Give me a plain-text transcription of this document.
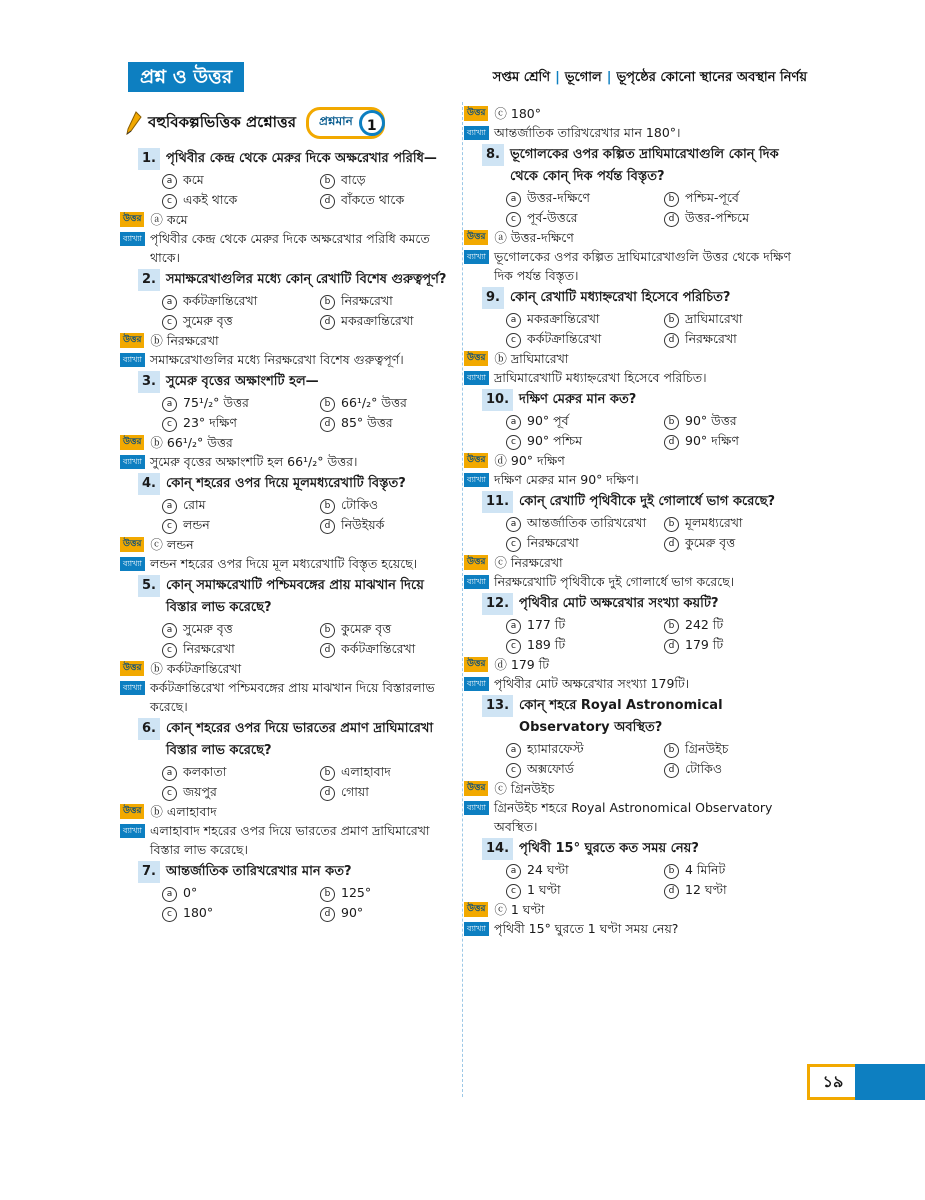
প্রশ্ন ও উত্তর	সপ্তম শ্রেণি | ভূগোল | ভূপৃষ্ঠের কোনো স্থানের অবস্থান নির্ণয়
বহুবিকল্পভিত্তিক প্রশ্নোত্তর প্রশ্নমান	1
1. পৃথিবীর কেন্দ্র থেকে মেরুর দিকে অক্ষরেখার পরিধি—
a কমে	b বাড়ে
c একই থাকে	d বাঁকতে থাকে
উত্তর ⓐ কমে
ব্যাখ্যা পৃথিবীর কেন্দ্র থেকে মেরুর দিকে অক্ষরেখার পরিধি কমতে থাকে।
2. সমাক্ষরেখাগুলির মধ্যে কোন্‌ রেখাটি বিশেষ গুরুত্বপূর্ণ?
a কর্কটক্রান্তিরেখা	b নিরক্ষরেখা
c সুমেরু বৃত্ত	d মকরক্রান্তিরেখা
উত্তর ⓑ নিরক্ষরেখা
ব্যাখ্যা সমাক্ষরেখাগুলির মধ্যে নিরক্ষরেখা বিশেষ গুরুত্বপূর্ণ।
3. সুমেরু বৃত্তের অক্ষাংশটি হল—
a 75¹/₂° উত্তর	b 66¹/₂° উত্তর
c 23° দক্ষিণ	d 85° উত্তর
উত্তর ⓑ 66¹/₂° উত্তর
ব্যাখ্যা সুমেরু বৃত্তের অক্ষাংশটি হল 66¹/₂° উত্তর।
4. কোন্‌ শহরের ওপর দিয়ে মূলমধ্যরেখাটি বিস্তৃত?
a রোম	b টোকিও
c লন্ডন	d নিউইয়র্ক
উত্তর ⓒ লন্ডন
ব্যাখ্যা লন্ডন শহরের ওপর দিয়ে মূল মধ্যরেখাটি বিস্তৃত হয়েছে।
5. কোন্‌ সমাক্ষরেখাটি পশ্চিমবঙ্গের প্রায় মাঝখান দিয়ে বিস্তার লাভ করেছে?
a সুমেরু বৃত্ত	b কুমেরু বৃত্ত
c নিরক্ষরেখা	d কর্কটক্রান্তিরেখা
উত্তর ⓑ কর্কটক্রান্তিরেখা
ব্যাখ্যা কর্কটক্রান্তিরেখা পশ্চিমবঙ্গের প্রায় মাঝখান দিয়ে বিস্তারলাভ করেছে।
6. কোন্‌ শহরের ওপর দিয়ে ভারতের প্রমাণ দ্রাঘিমারেখা বিস্তার লাভ করেছে?
a কলকাতা	b এলাহাবাদ
c জয়পুর	d গোয়া
উত্তর ⓑ এলাহাবাদ
ব্যাখ্যা এলাহাবাদ শহরের ওপর দিয়ে ভারতের প্রমাণ দ্রাঘিমারেখা বিস্তার লাভ করেছে।
7. আন্তর্জাতিক তারিখরেখার মান কত?
a 0°	b 125°
c 180°	d 90°
উত্তর ⓒ 180°
ব্যাখ্যা আন্তর্জাতিক তারিখরেখার মান 180°।
8. ভূগোলকের ওপর কল্পিত দ্রাঘিমারেখাগুলি কোন্‌ দিক থেকে কোন্‌ দিক পর্যন্ত বিস্তৃত?
a উত্তর-দক্ষিণে	b পশ্চিম-পূর্বে
c পূর্ব-উত্তরে	d উত্তর-পশ্চিমে
উত্তর ⓐ উত্তর-দক্ষিণে
ব্যাখ্যা ভূগোলকের ওপর কল্পিত দ্রাঘিমারেখাগুলি উত্তর থেকে দক্ষিণ দিক পর্যন্ত বিস্তৃত।
9. কোন্‌ রেখাটি মধ্যাহ্নরেখা হিসেবে পরিচিত?
a মকরক্রান্তিরেখা	b দ্রাঘিমারেখা
c কর্কটক্রান্তিরেখা	d নিরক্ষরেখা
উত্তর ⓑ দ্রাঘিমারেখা
ব্যাখ্যা দ্রাঘিমারেখাটি মধ্যাহ্নরেখা হিসেবে পরিচিত।
10. দক্ষিণ মেরুর মান কত?
a 90° পূর্ব	b 90° উত্তর
c 90° পশ্চিম	d 90° দক্ষিণ
উত্তর ⓓ 90° দক্ষিণ
ব্যাখ্যা দক্ষিণ মেরুর মান 90° দক্ষিণ।
11. কোন্‌ রেখাটি পৃথিবীকে দুই গোলার্ধে ভাগ করেছে?
a আন্তর্জাতিক তারিখরেখা	b মূলমধ্যরেখা
c নিরক্ষরেখা	d কুমেরু বৃত্ত
উত্তর ⓒ নিরক্ষরেখা
ব্যাখ্যা নিরক্ষরেখাটি পৃথিবীকে দুই গোলার্ধে ভাগ করেছে।
12. পৃথিবীর মোট অক্ষরেখার সংখ্যা কয়টি?
a 177 টি	b 242 টি
c 189 টি	d 179 টি
উত্তর ⓓ 179 টি
ব্যাখ্যা পৃথিবীর মোট অক্ষরেখার সংখ্যা 179টি।
13. কোন্‌ শহরে Royal Astronomical Observatory অবস্থিত?
a হ্যামারফেস্ট	b গ্রিনউইচ
c অক্সফোর্ড	d টোকিও
উত্তর ⓒ গ্রিনউইচ
ব্যাখ্যা গ্রিনউইচ শহরে Royal Astronomical Observatory অবস্থিত।
14. পৃথিবী 15° ঘুরতে কত সময় নেয়?
a 24 ঘণ্টা	b 4 মিনিট
c 1 ঘণ্টা	d 12 ঘণ্টা
উত্তর ⓒ 1 ঘণ্টা
ব্যাখ্যা পৃথিবী 15° ঘুরতে 1 ঘণ্টা সময় নেয়?
১৯
